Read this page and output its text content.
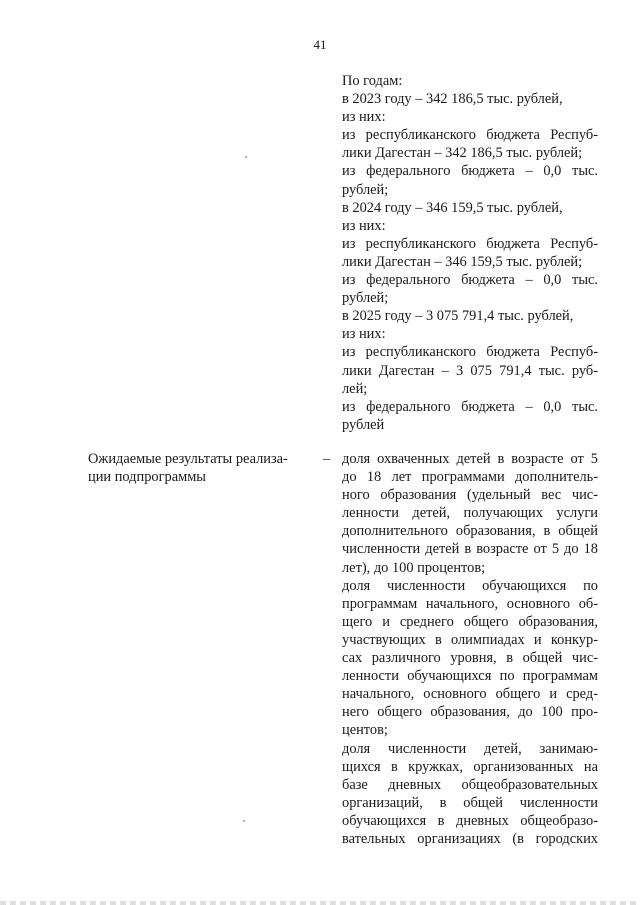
41
По годам:
в 2023 году – 342 186,5 тыс. рублей,
из них:
из республиканского бюджета Респуб-
лики Дагестан – 342 186,5 тыс. рублей;
из федерального бюджета – 0,0 тыс.
рублей;
в 2024 году – 346 159,5 тыс. рублей,
из них:
из республиканского бюджета Респуб-
лики Дагестан – 346 159,5 тыс. рублей;
из федерального бюджета – 0,0 тыс.
рублей;
в 2025 году – 3 075 791,4 тыс. рублей,
из них:
из республиканского бюджета Респуб-
лики Дагестан – 3 075 791,4 тыс. руб-
лей;
из федерального бюджета – 0,0 тыс.
рублей
Ожидаемые результаты реализа-
ции подпрограммы
– доля охваченных детей в возрасте от 5
до 18 лет программами дополнитель-
ного образования (удельный вес чис-
ленности детей, получающих услуги
дополнительного образования, в общей
численности детей в возрасте от 5 до 18
лет), до 100 процентов;
доля численности обучающихся по
программам начального, основного об-
щего и среднего общего образования,
участвующих в олимпиадах и конкур-
сах различного уровня, в общей чис-
ленности обучающихся по программам
начального, основного общего и сред-
него общего образования, до 100 про-
центов;
доля численности детей, занимаю-
щихся в кружках, организованных на
базе дневных общеобразовательных
организаций, в общей численности
обучающихся в дневных общеобразо-
вательных организациях (в городских
